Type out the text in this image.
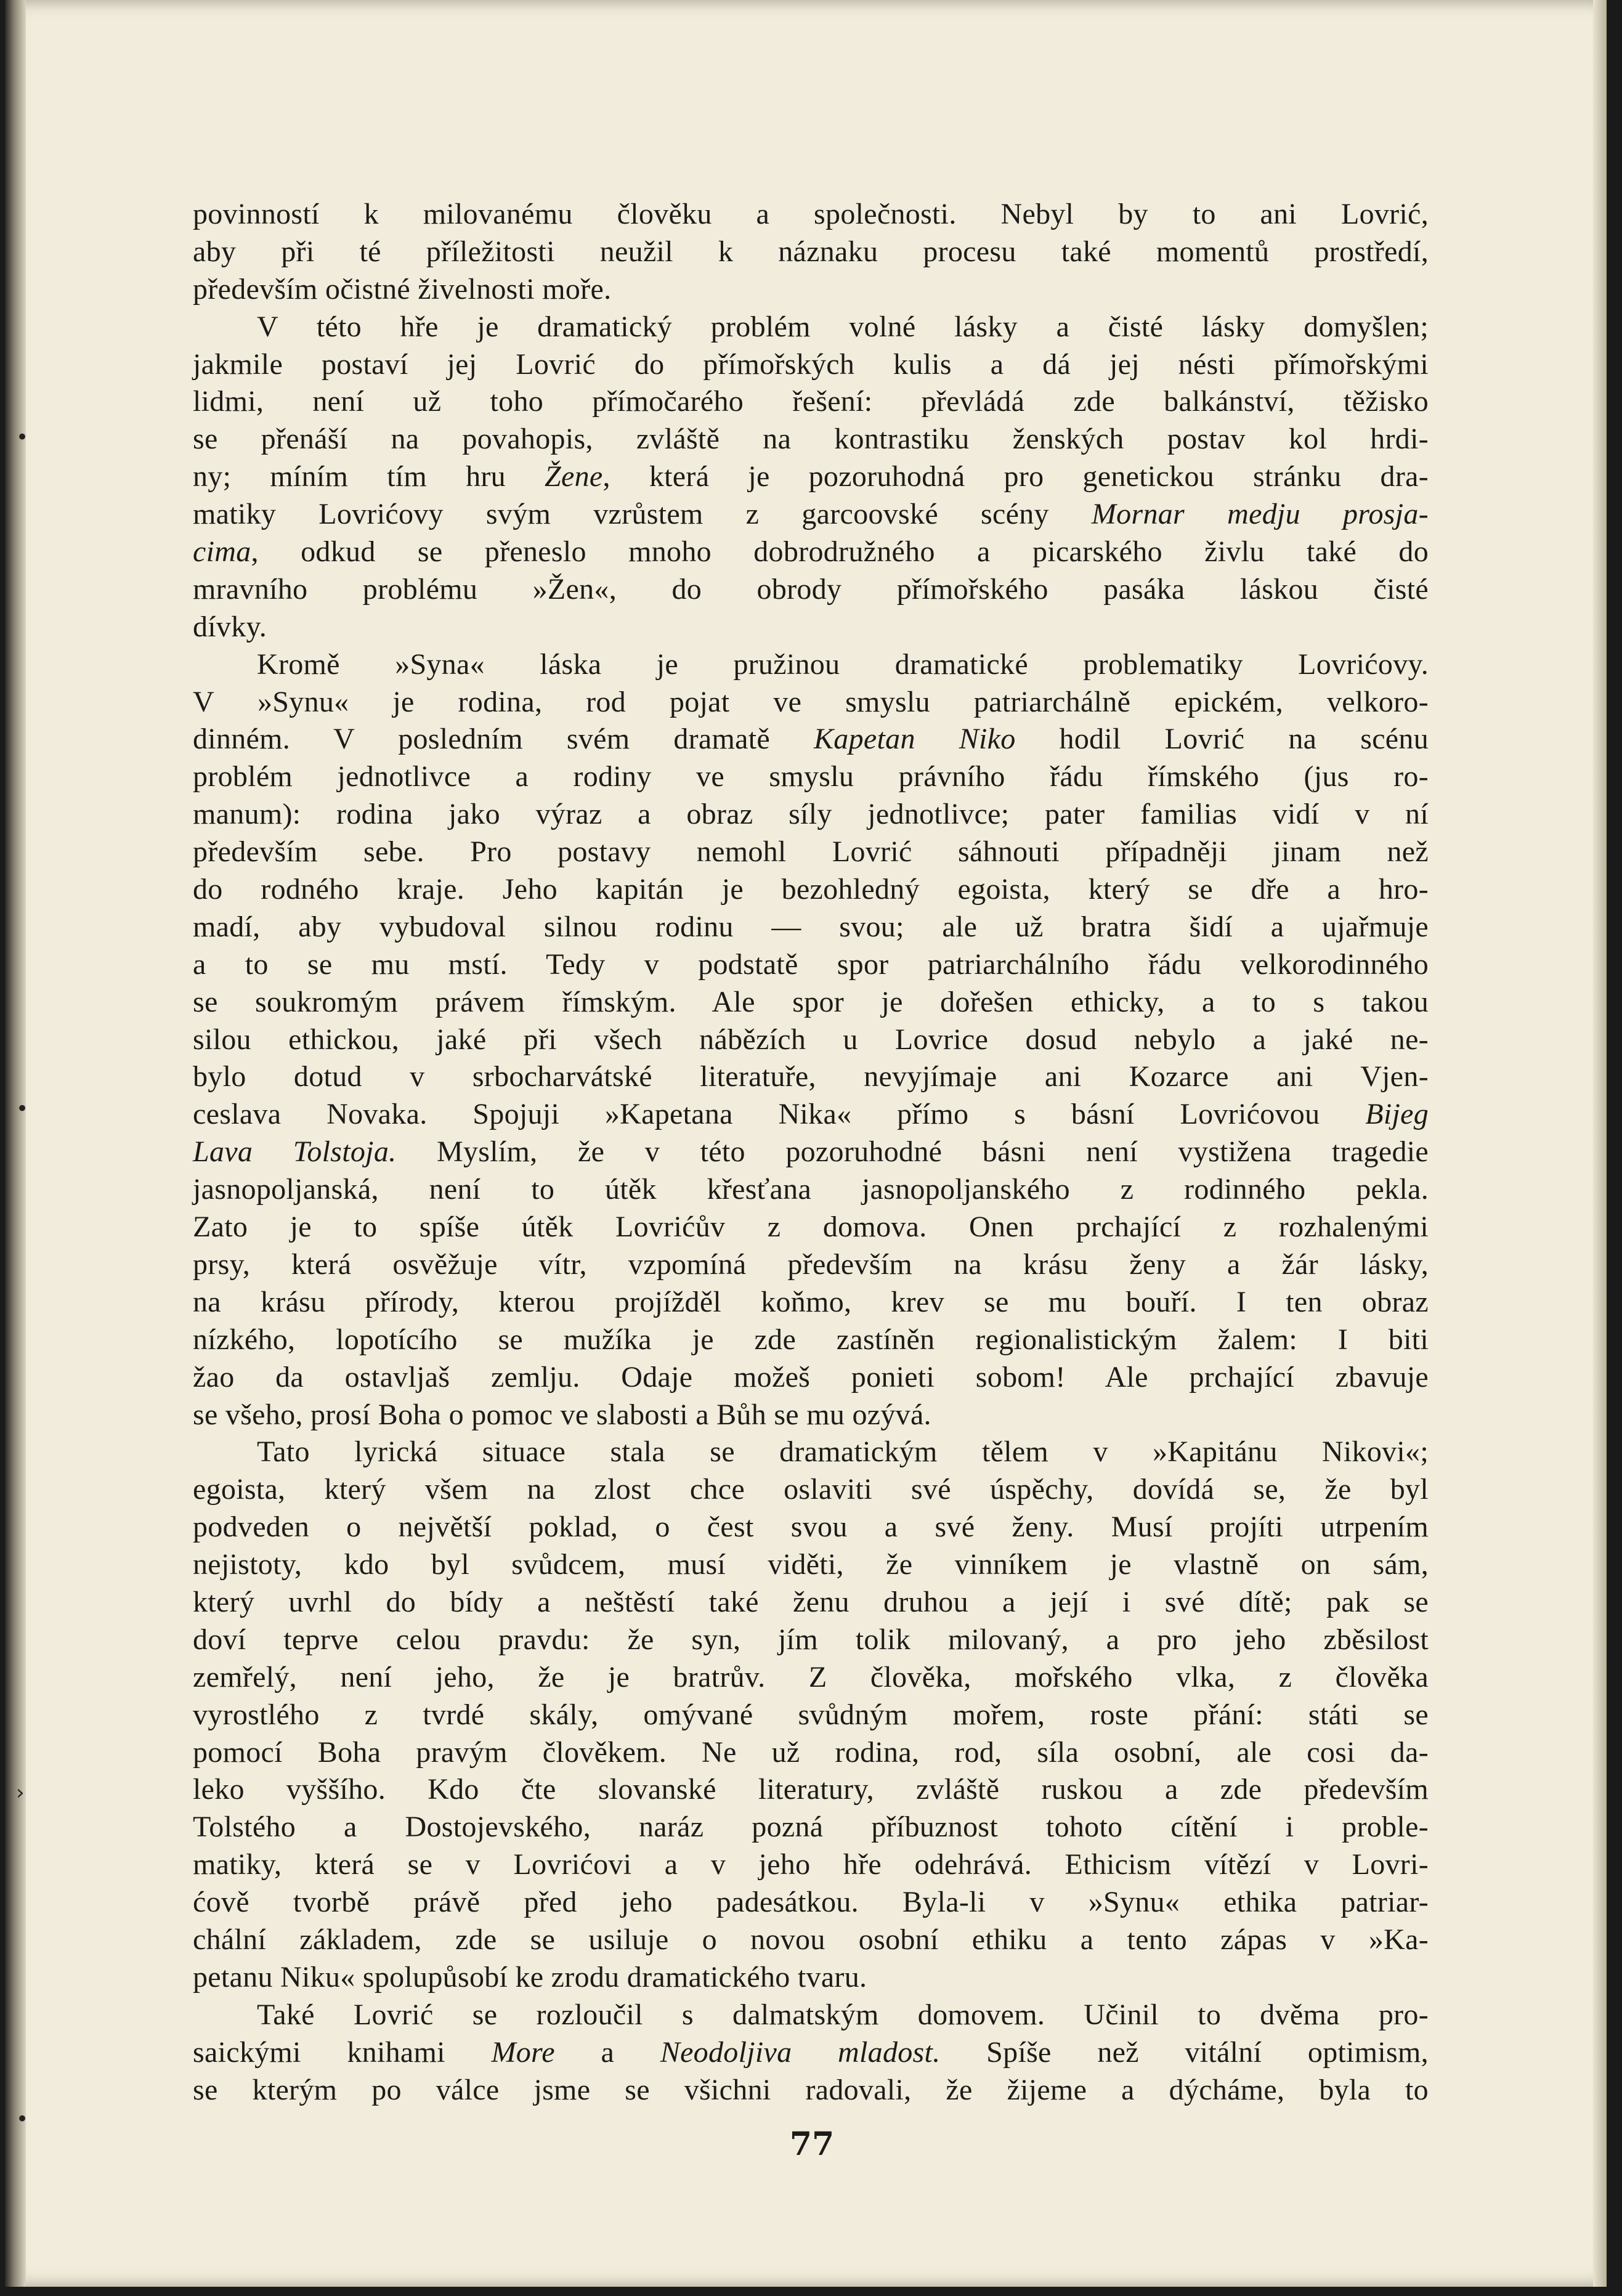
•
•
›
•
povinností k milovanému člověku a společnosti. Nebyl by to ani Lovrić,
aby při té příležitosti neužil k náznaku procesu také momentů prostředí,
především očistné živelnosti moře.
V této hře je dramatický problém volné lásky a čisté lásky domyšlen;
jakmile postaví jej Lovrić do přímořských kulis a dá jej nésti přímořskými
lidmi, není už toho přímočarého řešení: převládá zde balkánství, těžisko
se přenáší na povahopis, zvláště na kontrastiku ženských postav kol hrdi-
ny; míním tím hru Žene, která je pozoruhodná pro genetickou stránku dra-
matiky Lovrićovy svým vzrůstem z garcoovské scény Mornar medju prosja-
cima, odkud se přeneslo mnoho dobrodružného a picarského živlu také do
mravního problému »Žen«, do obrody přímořského pasáka láskou čisté
dívky.
Kromě »Syna« láska je pružinou dramatické problematiky Lovrićovy.
V »Synu« je rodina, rod pojat ve smyslu patriarchálně epickém, velkoro-
dinném. V posledním svém dramatě Kapetan Niko hodil Lovrić na scénu
problém jednotlivce a rodiny ve smyslu právního řádu římského (jus ro-
manum): rodina jako výraz a obraz síly jednotlivce; pater familias vidí v ní
především sebe. Pro postavy nemohl Lovrić sáhnouti případněji jinam než
do rodného kraje. Jeho kapitán je bezohledný egoista, který se dře a hro-
madí, aby vybudoval silnou rodinu — svou; ale už bratra šidí a ujařmuje
a to se mu mstí. Tedy v podstatě spor patriarchálního řádu velkorodinného
se soukromým právem římským. Ale spor je dořešen ethicky, a to s takou
silou ethickou, jaké při všech nábězích u Lovrice dosud nebylo a jaké ne-
bylo dotud v srbocharvátské literatuře, nevyjímaje ani Kozarce ani Vjen-
ceslava Novaka. Spojuji »Kapetana Nika« přímo s básní Lovrićovou Bijeg
Lava Tolstoja. Myslím, že v této pozoruhodné básni není vystižena tragedie
jasnopoljanská, není to útěk křesťana jasnopoljanského z rodinného pekla.
Zato je to spíše útěk Lovrićův z domova. Onen prchající z rozhalenými
prsy, která osvěžuje vítr, vzpomíná především na krásu ženy a žár lásky,
na krásu přírody, kterou projížděl koňmo, krev se mu bouří. I ten obraz
nízkého, lopotícího se mužíka je zde zastíněn regionalistickým žalem: I biti
žao da ostavljaš zemlju. Odaje možeš ponieti sobom! Ale prchající zbavuje
se všeho, prosí Boha o pomoc ve slabosti a Bůh se mu ozývá.
Tato lyrická situace stala se dramatickým tělem v »Kapitánu Nikovi«;
egoista, který všem na zlost chce oslaviti své úspěchy, dovídá se, že byl
podveden o největší poklad, o čest svou a své ženy. Musí projíti utrpením
nejistoty, kdo byl svůdcem, musí viděti, že vinníkem je vlastně on sám,
který uvrhl do bídy a neštěstí také ženu druhou a její i své dítě; pak se
doví teprve celou pravdu: že syn, jím tolik milovaný, a pro jeho zběsilost
zemřelý, není jeho, že je bratrův. Z člověka, mořského vlka, z člověka
vyrostlého z tvrdé skály, omývané svůdným mořem, roste přání: státi se
pomocí Boha pravým člověkem. Ne už rodina, rod, síla osobní, ale cosi da-
leko vyššího. Kdo čte slovanské literatury, zvláště ruskou a zde především
Tolstého a Dostojevského, naráz pozná příbuznost tohoto cítění i proble-
matiky, která se v Lovrićovi a v jeho hře odehrává. Ethicism vítězí v Lovri-
ćově tvorbě právě před jeho padesátkou. Byla-li v »Synu« ethika patriar-
chální základem, zde se usiluje o novou osobní ethiku a tento zápas v »Ka-
petanu Niku« spolupůsobí ke zrodu dramatického tvaru.
Také Lovrić se rozloučil s dalmatským domovem. Učinil to dvěma pro-
saickými knihami More a Neodoljiva mladost. Spíše než vitální optimism,
se kterým po válce jsme se všichni radovali, že žijeme a dýcháme, byla to
77
